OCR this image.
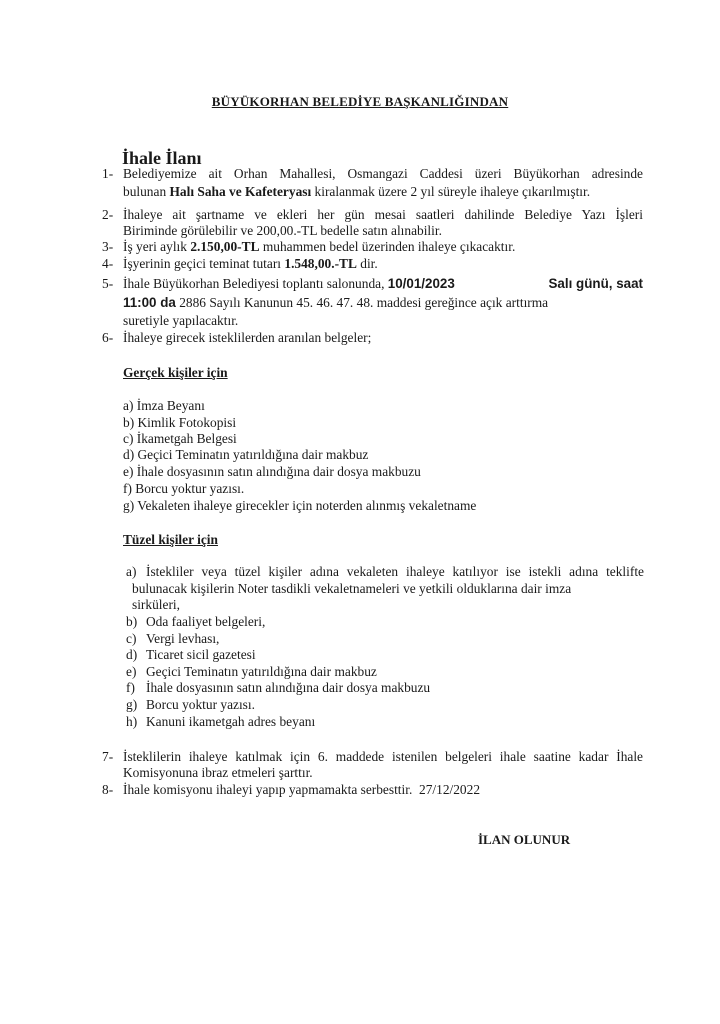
BÜYÜKORHAN BELEDİYE BAŞKANLIĞINDAN
İhale İlanı
1- Belediyemize ait Orhan Mahallesi, Osmangazi Caddesi üzeri Büyükorhan adresinde
bulunan Halı Saha ve Kafeteryası kiralanmak üzere 2 yıl süreyle ihaleye çıkarılmıştır.
2- İhaleye ait şartname ve ekleri her gün mesai saatleri dahilinde Belediye Yazı İşleri
Biriminde görülebilir ve 200,00.-TL bedelle satın alınabilir.
3- İş yeri aylık 2.150,00-TL muhammen bedel üzerinden ihaleye çıkacaktır.
4- İşyerinin geçici teminat tutarı 1.548,00.-TL dir.
5- İhale Büyükorhan Belediyesi toplantı salonunda, 10/01/2023	Salı günü, saat
11:00 da 2886 Sayılı Kanunun 45. 46. 47. 48. maddesi gereğince açık arttırma
suretiyle yapılacaktır.
6- İhaleye girecek isteklilerden aranılan belgeler;
Gerçek kişiler için
a) İmza Beyanı
b) Kimlik Fotokopisi
c) İkametgah Belgesi
d) Geçici Teminatın yatırıldığına dair makbuz
e) İhale dosyasının satın alındığına dair dosya makbuzu
f) Borcu yoktur yazısı.
g) Vekaleten ihaleye girecekler için noterden alınmış vekaletname
Tüzel kişiler için
a) İstekliler veya tüzel kişiler adına vekaleten ihaleye katılıyor ise istekli adına teklifte
bulunacak kişilerin Noter tasdikli vekaletnameleri ve yetkili olduklarına dair imza
sirküleri,
b) Oda faaliyet belgeleri,
c) Vergi levhası,
d) Ticaret sicil gazetesi
e) Geçici Teminatın yatırıldığına dair makbuz
f) İhale dosyasının satın alındığına dair dosya makbuzu
g) Borcu yoktur yazısı.
h) Kanuni ikametgah adres beyanı
7- İsteklilerin ihaleye katılmak için 6. maddede istenilen belgeleri ihale saatine kadar İhale
Komisyonuna ibraz etmeleri şarttır.
8- İhale komisyonu ihaleyi yapıp yapmamakta serbesttir. 27/12/2022
İLAN OLUNUR
